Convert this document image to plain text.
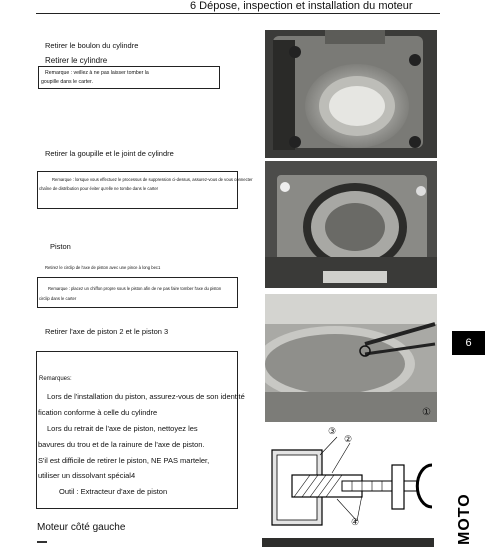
6 Dépose, inspection et installation du moteur
Retirer le boulon du cylindre
Retirer le cylindre
Remarque : veillez à ne pas laisser tomber la
goupille dans le carter.
Retirer la goupille et le joint de cylindre
Remarque : lorsque vous effectuez le processus de suppression ci-dessus, assurez-vous de vous connecter
chaîne de distribution pour éviter qu'elle ne tombe dans le carter
Piston
Retirez le circlip de l'axe de piston avec une pince à long bec1
Remarque : placez un chiffon propre sous le piston afin de ne pas faire tomber l'axe du piston
circlip dans le carter
Retirer l'axe de piston 2 et le piston 3
Remarques:
Lors de l'installation du piston, assurez-vous de son identité
fication conforme à celle du cylindre
Lors du retrait de l'axe de piston, nettoyez les
bavures du trou et de la rainure de l'axe de piston.
S'il est difficile de retirer le piston, NE PAS marteler,
utiliser un dissolvant spécial4
Outil : Extracteur d'axe de piston
Moteur côté gauche
①
③
②
④
6
MOTO
